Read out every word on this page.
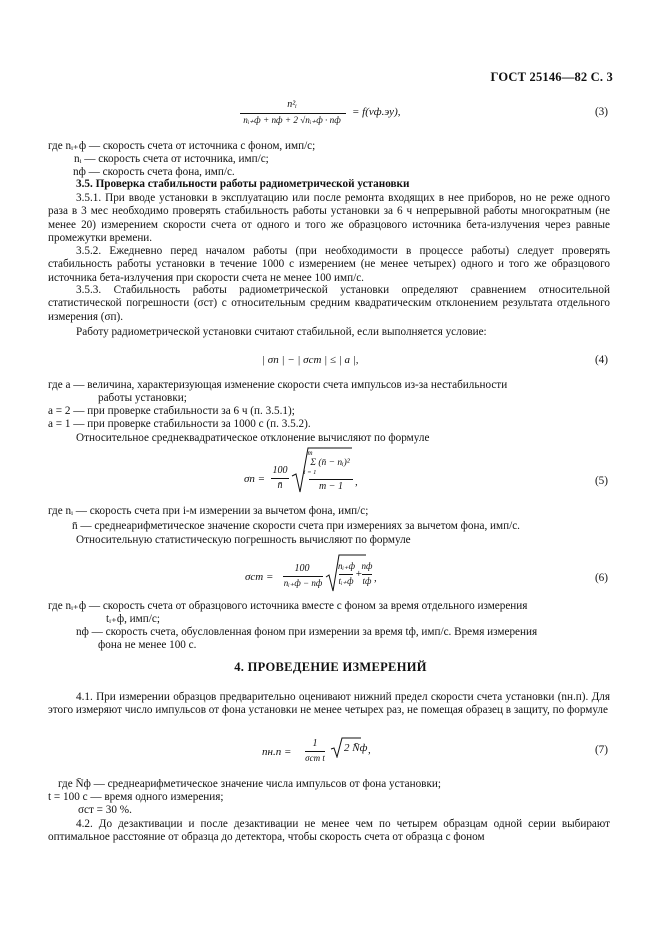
ГОСТ 25146—82 С. 3
n²ᵢ
nᵢ₊ф + nф + 2 √nᵢ₊ф · nф
= f(vф.эу),	(3)
где nᵢ₊ф — скорость счета от источника с фоном, имп/с;
nᵢ — скорость счета от источника, имп/с;
nф — скорость счета фона, имп/с.
3.5. Проверка стабильности работы радиометрической установки
3.5.1. При вводе установки в эксплуатацию или после ремонта входящих в нее приборов, но не реже одного раза в 3 мес необходимо проверять стабильность работы установки за 6 ч непрерывной работы многократным (не менее 20) измерением скорости счета от одного и того же образцового источника бета-излучения через равные промежутки времени.
3.5.2. Ежедневно перед началом работы (при необходимости в процессе работы) следует проверять стабильность работы установки в течение 1000 с измерением (не менее четырех) одного и того же образцового источника бета-излучения при скорости счета не менее 100 имп/с.
3.5.3. Стабильность работы радиометрической установки определяют сравнением относительной статистической погрешности (σст) с относительным средним квадратическим отклонением результата отдельного измерения (σп).
Работу радиометрической установки считают стабильной, если выполняется условие:
| σп | − | σст | ≤ | a |,	(4)
где a — величина, характеризующая изменение скорости счета импульсов из-за нестабильности
работы установки;
a = 2 — при проверке стабильности за 6 ч (п. 3.5.1);
a = 1 — при проверке стабильности за 1000 с (п. 3.5.2).
Относительное среднеквадратическое отклонение вычисляют по формуле
σп =
100
n̄
m
Σ (n̄ − nᵢ)²
i = 1
m − 1	,	(5)
где nᵢ — скорость счета при i-м измерении за вычетом фона, имп/с;
n̄ — среднеарифметическое значение скорости счета при измерениях за вычетом фона, имп/с.
Относительную статистическую погрешность вычисляют по формуле
σст =
100
nᵢ₊ф − nф
nᵢ₊ф
tᵢ₊ф
+
nф
tф ,	(6)
где nᵢ₊ф — скорость счета от образцового источника вместе с фоном за время отдельного измерения
tᵢ₊ф, имп/с;
nф — скорость счета, обусловленная фоном при измерении за время tф, имп/с. Время измерения
фона не менее 100 с.
4. ПРОВЕДЕНИЕ ИЗМЕРЕНИЙ
4.1. При измерении образцов предварительно оценивают нижний предел скорости счета установки (nн.п). Для этого измеряют число импульсов от фона установки не менее четырех раз, не помещая образец в защиту, по формуле
nн.п =
1
σст t
2 N̄ф ,	(7)
где N̄ф — среднеарифметическое значение числа импульсов от фона установки;
t = 100 с — время одного измерения;
σст = 30 %.
4.2. До дезактивации и после дезактивации не менее чем по четырем образцам одной серии выбирают оптимальное расстояние от образца до детектора, чтобы скорость счета от образца с фоном
